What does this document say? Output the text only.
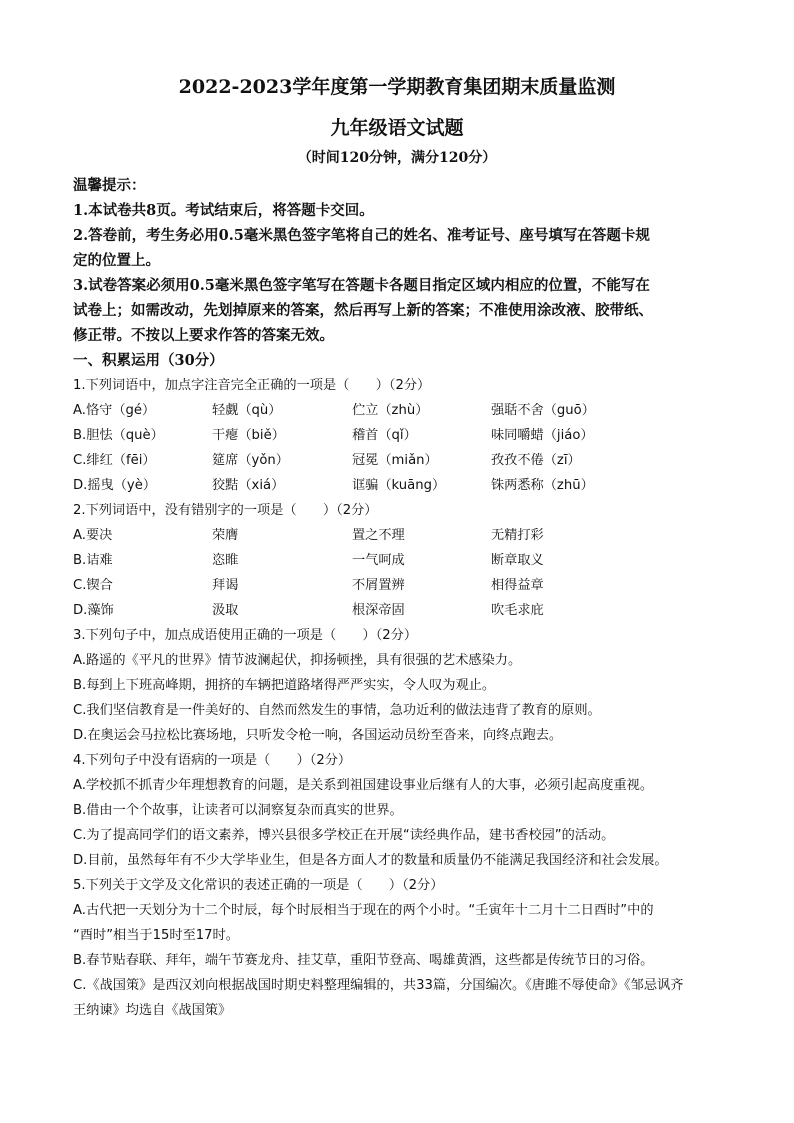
2022-2023学年度第一学期教育集团期末质量监测
九年级语文试题
（时间120分钟，满分120分）
温馨提示：
1.本试卷共8页。考试结束后，将答题卡交回。
2.答卷前，考生务必用0.5毫米黑色签字笔将自己的姓名、准考证号、座号填写在答题卡规
定的位置上。
3.试卷答案必须用0.5毫米黑色签字笔写在答题卡各题目指定区域内相应的位置，不能写在
试卷上；如需改动，先划掉原来的答案，然后再写上新的答案；不准使用涂改液、胶带纸、
修正带。不按以上要求作答的答案无效。
一、积累运用（30分）
1.下列词语中，加点字注音完全正确的一项是（　　）（2分）
A.恪守（gé）	轻觑（qù）	伫立（zhù）	强聒不舍（guō）
B.胆怯（què）	干瘪（biě）	稽首（qǐ）	味同嚼蜡（jiáo）
C.绯红（fēi）	筵席（yǒn）	冠冕（miǎn）	孜孜不倦（zī）
D.摇曳（yè）	狡黠（xiá）	诓骗（kuāng）	铢两悉称（zhū）
2.下列词语中，没有错别字的一项是（　　）（2分）
A.要决	荣膺	置之不理	无精打彩
B.诘难	恣睢	一气呵成	断章取义
C.锲合	拜谒	不屑置辨	相得益章
D.藻饰	汲取	根深帝固	吹毛求庇
3.下列句子中，加点成语使用正确的一项是（　　）（2分）
A.路遥的《平凡的世界》情节波澜起伏，抑扬顿挫，具有很强的艺术感染力。
B.每到上下班高峰期，拥挤的车辆把道路堵得严严实实，令人叹为观止。
C.我们坚信教育是一件美好的、自然而然发生的事情，急功近利的做法违背了教育的原则。
D.在奥运会马拉松比赛场地，只听发令枪一响，各国运动员纷至沓来，向终点跑去。
4.下列句子中没有语病的一项是（　　）（2分）
A.学校抓不抓青少年理想教育的问题，是关系到祖国建设事业后继有人的大事，必须引起高度重视。
B.借由一个个故事，让读者可以洞察复杂而真实的世界。
C.为了提高同学们的语文素养，博兴县很多学校正在开展“读经典作品，建书香校园”的活动。
D.目前，虽然每年有不少大学毕业生，但是各方面人才的数量和质量仍不能满足我国经济和社会发展。
5.下列关于文学及文化常识的表述正确的一项是（　　）（2分）
A.古代把一天划分为十二个时辰，每个时辰相当于现在的两个小时。“壬寅年十二月十二日酉时”中的
“酉时”相当于15时至17时。
B.春节贴春联、拜年，端午节赛龙舟、挂艾草，重阳节登高、喝雄黄酒，这些都是传统节日的习俗。
C.《战国策》是西汉刘向根据战国时期史料整理编辑的，共33篇，分国编次。《唐雎不辱使命》《邹忌讽齐
王纳谏》均选自《战国策》
